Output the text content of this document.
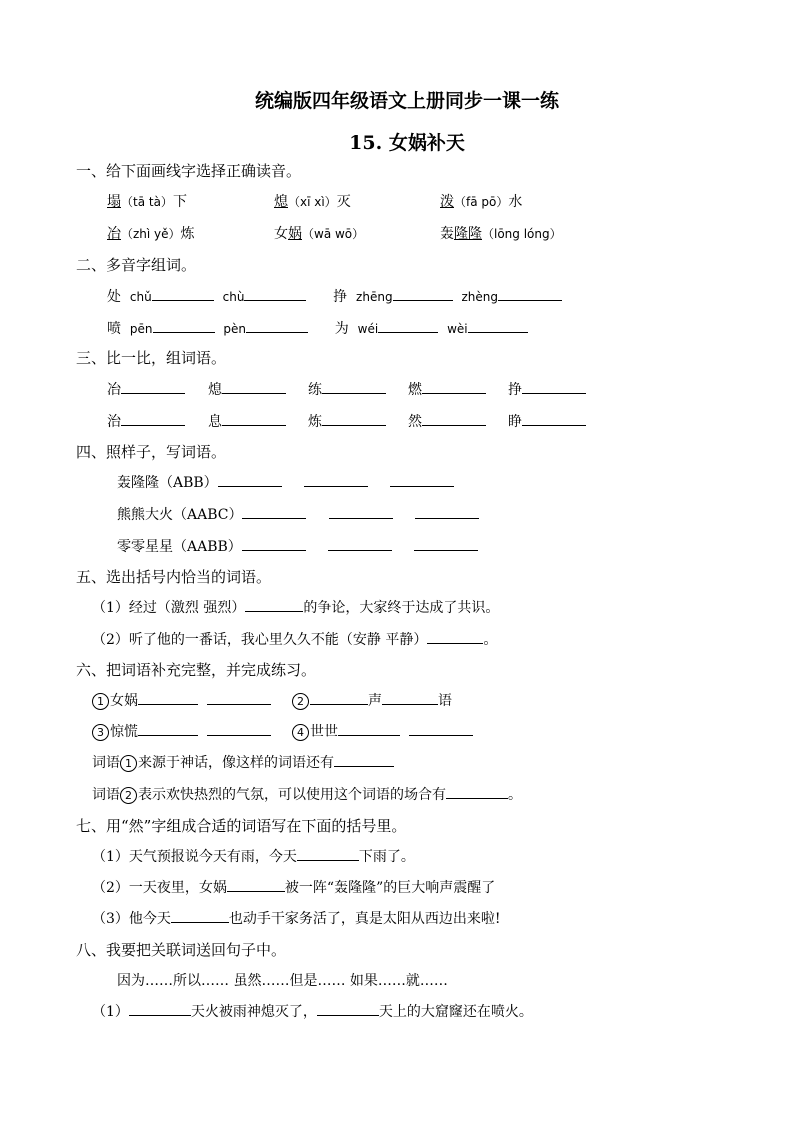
统编版四年级语文上册同步一课一练
15. 女娲补天
一、给下面画线字选择正确读音。
塌（tā tà）下	熄（xī xì）灭	泼（fā pō）水
冶（zhì yě）炼	女娲（wā wō）	轰隆隆（lōng lóng）
二、多音字组词。
处 chǔ	chù	挣 zhēng	zhèng
喷 pēn	pèn	为 wéi	wèi
三、比一比，组词语。
冶	熄	练	燃	挣
治	息	炼	然	睁
四、照样子，写词语。
轰隆隆（ABB）
熊熊大火（AABC）
零零星星（AABB）
五、选出括号内恰当的词语。
（1）经过（激烈 强烈）	的争论，大家终于达成了共识。
（2）听了他的一番话，我心里久久不能（安静 平静）	。
六、把词语补充完整，并完成练习。
1 女娲	2	声	语
3 惊慌	4 世世
词语 1 来源于神话，像这样的词语还有
词语 2 表示欢快热烈的气氛，可以使用这个词语的场合有	。
七、用“然”字组成合适的词语写在下面的括号里。
（1）天气预报说今天有雨，今天	下雨了。
（2）一天夜里，女娲	被一阵“轰隆隆”的巨大响声震醒了
（3）他今天	也动手干家务活了，真是太阳从西边出来啦!
八、我要把关联词送回句子中。
因为……所以…… 虽然……但是…… 如果……就……
（1）	天火被雨神熄灭了，	天上的大窟窿还在喷火。
